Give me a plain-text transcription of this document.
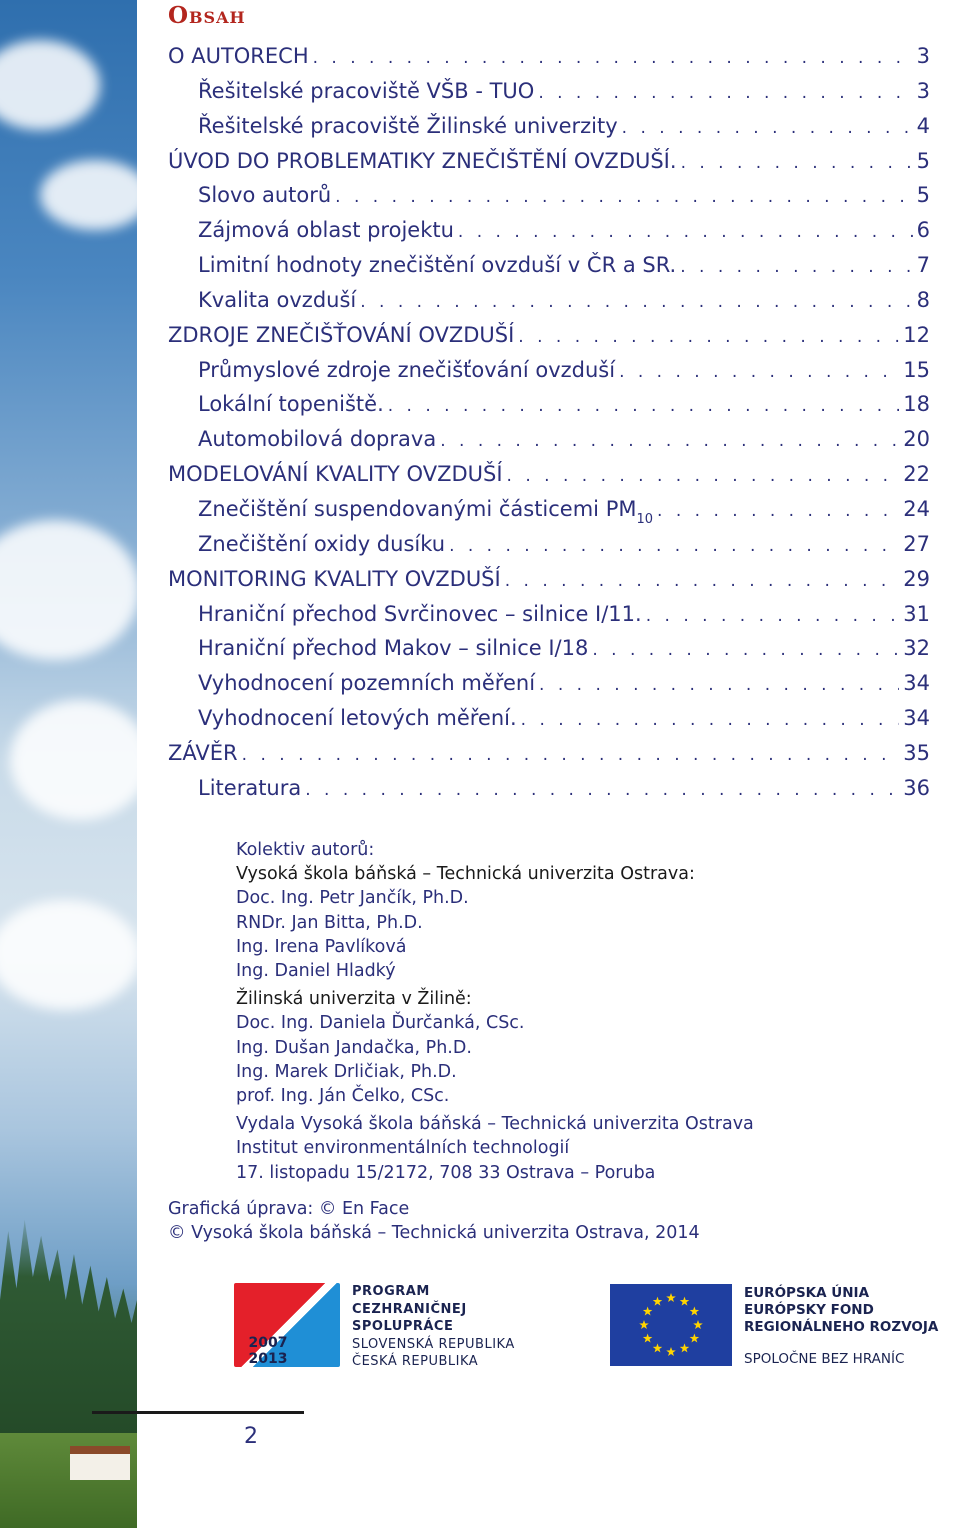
Obsah
O AUTORECH . . .	3
Řešitelské pracoviště VŠB - TUO . . .	3
Řešitelské pracoviště Žilinské univerzity . . .	4
ÚVOD DO PROBLEMATIKY ZNEČIŠTĚNÍ OVZDUŠÍ. . . .	5
Slovo autorů . . .	5
Zájmová oblast projektu . . .	6
Limitní hodnoty znečištění ovzduší v ČR a SR. . . .	7
Kvalita ovzduší . . .	8
ZDROJE ZNEČIŠŤOVÁNÍ OVZDUŠÍ . . .	12
Průmyslové zdroje znečišťování ovzduší . . .	15
Lokální topeniště. . . .	18
Automobilová doprava . . .	20
MODELOVÁNÍ KVALITY OVZDUŠÍ . . .	22
Znečištění suspendovanými částicemi $PM_{10}$ . . .	24
Znečištění oxidy dusíku . . .	27
MONITORING KVALITY OVZDUŠÍ . . .	29
Hraniční přechod Svrčinovec – silnice I/11. . . .	31
Hraniční přechod Makov – silnice I/18 . . .	32
Vyhodnocení pozemních měření . . .	34
Vyhodnocení letových měření. . . .	34
ZÁVĚR . . .	35
Literatura . . .	36
Kolektiv autorů:
Vysoká škola báňská – Technická univerzita Ostrava:
Doc. Ing. Petr Jančík, Ph.D.
RNDr. Jan Bitta, Ph.D.
Ing. Irena Pavlíková
Ing. Daniel Hladký
Žilinská univerzita v Žilině:
Doc. Ing. Daniela Ďurčanká, CSc.
Ing. Dušan Jandačka, Ph.D.
Ing. Marek Drličiak, Ph.D.
prof. Ing. Ján Čelko, CSc.
Vydala Vysoká škola báňská – Technická univerzita Ostrava
Institut environmentálních technologií
17. listopadu 15/2172, 708 33 Ostrava – Poruba
Grafická úprava: © En Face
© Vysoká škola báňská – Technická univerzita Ostrava, 2014
2007
2013
PROGRAM
CEZHRANIČNEJ
SPOLUPRÁCE
SLOVENSKÁ REPUBLIKA
ČESKÁ REPUBLIKA
EURÓPSKA ÚNIA
EURÓPSKY FOND
REGIONÁLNEHO ROZVOJA
SPOLOČNE BEZ HRANÍC
2
